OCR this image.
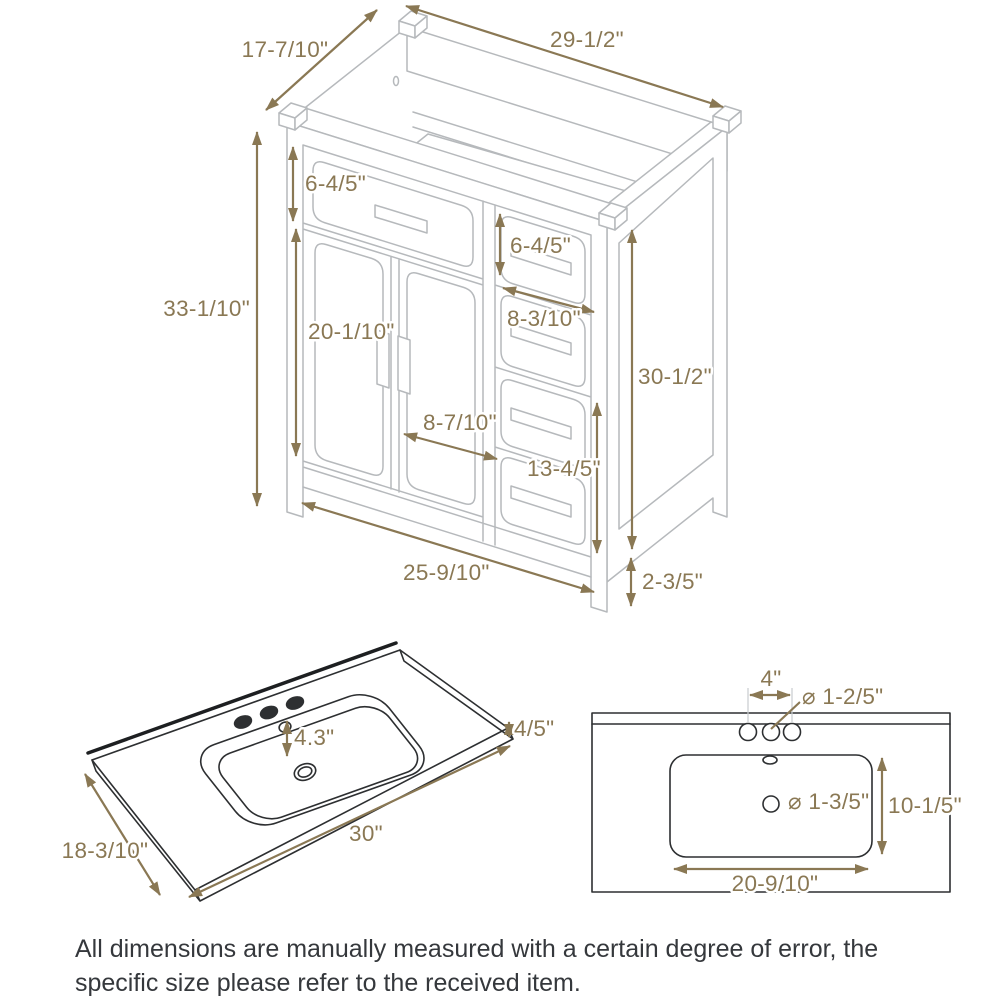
17-7/10"	29-1/2"
33-1/10"
6-4/5"
20-1/10"
6-4/5"
8-3/10"
30-1/2"
8-7/10"
13-4/5"
25-9/10"	2-3/5"
4.3"
30"
18-3/10"
4/5"
4"
⌀ 1-2/5"
⌀ 1-3/5" 10-1/5"
20-9/10"
All dimensions are manually measured with a certain degree of error, the
specific size please refer to the received item.
